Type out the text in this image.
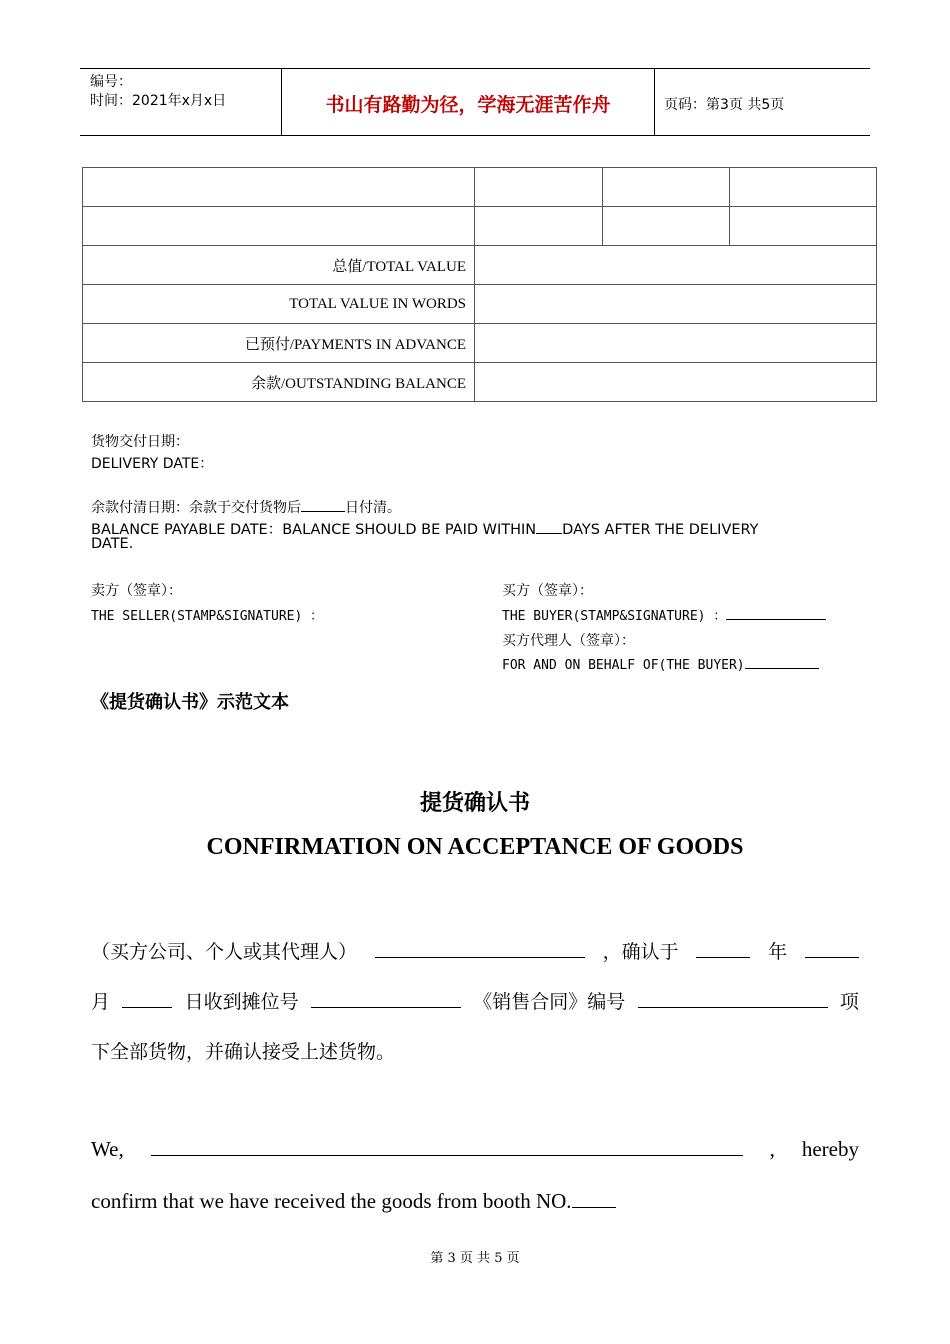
编号：
时间：2021年x月x日	书山有路勤为径，学海无涯苦作舟	页码：第3页 共5页

总值/TOTAL VALUE			
TOTAL VALUE IN WORDS			
已预付/PAYMENTS IN ADVANCE			
余款/OUTSTANDING BALANCE			
货物交付日期：
DELIVERY DATE：
余款付清日期：余款于交付货物后	日付清。
BALANCE PAYABLE DATE：BALANCE SHOULD BE PAID WITHIN DAYS AFTER THE DELIVERY
DATE.
卖方（签章）：
THE SELLER(STAMP&SIGNATURE) ：
买方（签章）：
THE BUYER(STAMP&SIGNATURE) ：
买方代理人（签章）：
FOR AND ON BEHALF OF(THE BUYER)
《提货确认书》示范文本
提货确认书
CONFIRMATION ON ACCEPTANCE OF GOODS
（买方公司、个人或其代理人）	，确认于	年
月	日收到摊位号	《销售合同》编号	项
下全部货物，并确认接受上述货物。
We,	, hereby
confirm that we have received the goods from booth NO.
第 3 页 共 5 页
